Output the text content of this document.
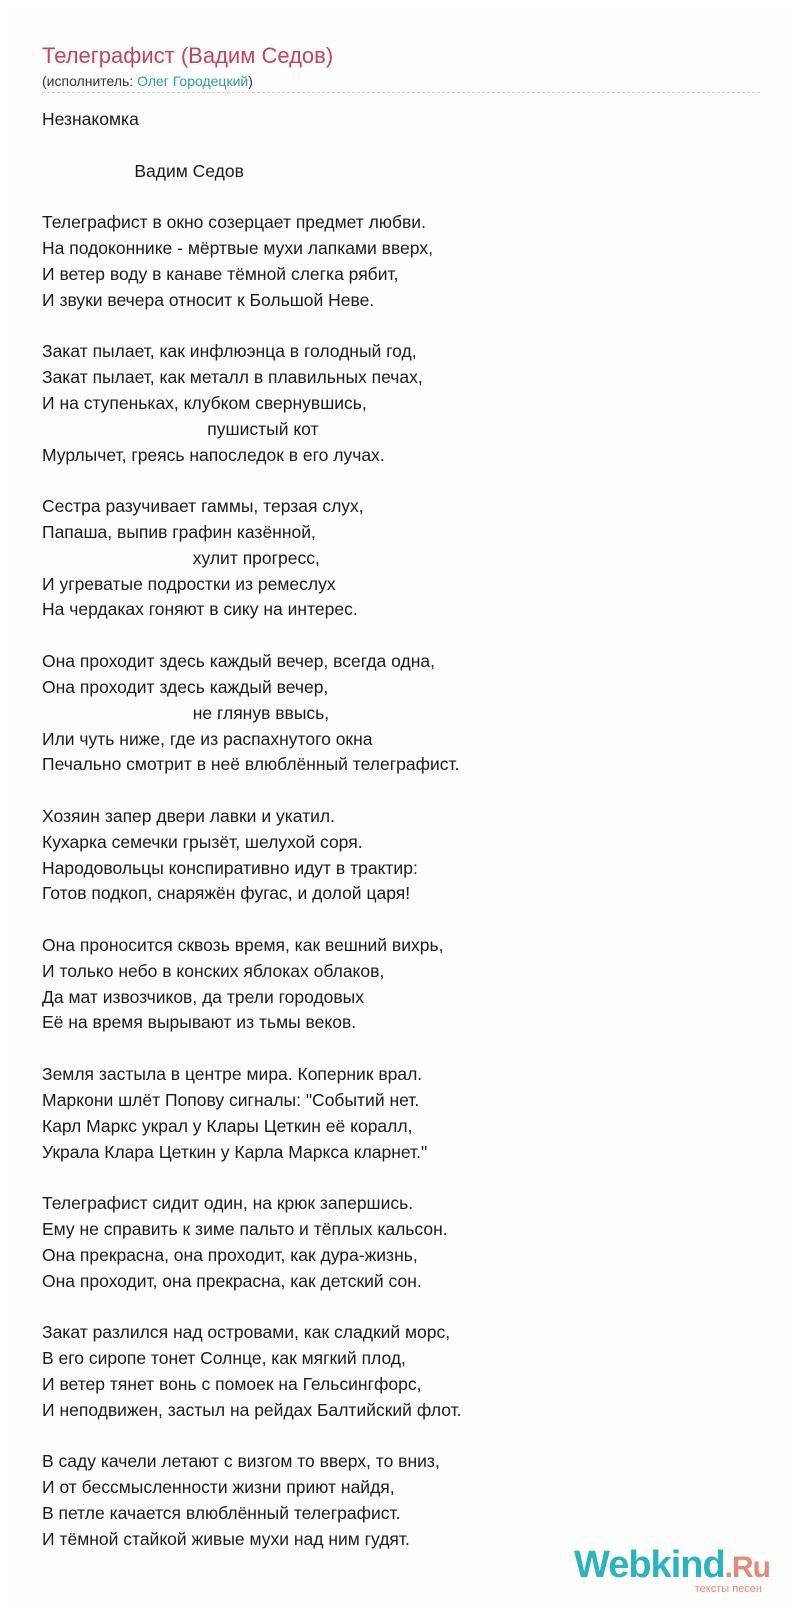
Телеграфист (Вадим Седов)
(исполнитель: Олег Городецкий)
Незнакомка
Вадим Седов
Телеграфист в окно созерцает предмет любви.
На подоконнике - мёртвые мухи лапками вверх,
И ветер воду в канаве тёмной слегка рябит,
И звуки вечера относит к Большой Неве.
Закат пылает, как инфлюэнца в голодный год,
Закат пылает, как металл в плавильных печах,
И на ступеньках, клубком свернувшись,
пушистый кот
Мурлычет, греясь напоследок в его лучах.
Сестра разучивает гаммы, терзая слух,
Папаша, выпив графин казённой,
хулит прогресс,
И угреватые подростки из ремеслух
На чердаках гоняют в сику на интерес.
Она проходит здесь каждый вечер, всегда одна,
Она проходит здесь каждый вечер,
не глянув ввысь,
Или чуть ниже, где из распахнутого окна
Печально смотрит в неё влюблённый телеграфист.
Хозяин запер двери лавки и укатил.
Кухарка семечки грызёт, шелухой соря.
Народовольцы конспиративно идут в трактир:
Готов подкоп, снаряжён фугас, и долой царя!
Она проносится сквозь время, как вешний вихрь,
И только небо в конских яблоках облаков,
Да мат извозчиков, да трели городовых
Её на время вырывают из тьмы веков.
Земля застыла в центре мира. Коперник врал.
Маркони шлёт Попову сигналы: "Событий нет.
Карл Маркс украл у Клары Цеткин её коралл,
Украла Клара Цеткин у Карла Маркса кларнет."
Телеграфист сидит один, на крюк запершись.
Ему не справить к зиме пальто и тёплых кальсон.
Она прекрасна, она проходит, как дура-жизнь,
Она проходит, она прекрасна, как детский сон.
Закат разлился над островами, как сладкий морс,
В его сиропе тонет Солнце, как мягкий плод,
И ветер тянет вонь с помоек на Гельсингфорс,
И неподвижен, застыл на рейдах Балтийский флот.
В саду качели летают с визгом то вверх, то вниз,
И от бессмысленности жизни приют найдя,
В петле качается влюблённый телеграфист.
И тёмной стайкой живые мухи над ним гудят.
Webkind.Ru
тексты песен
